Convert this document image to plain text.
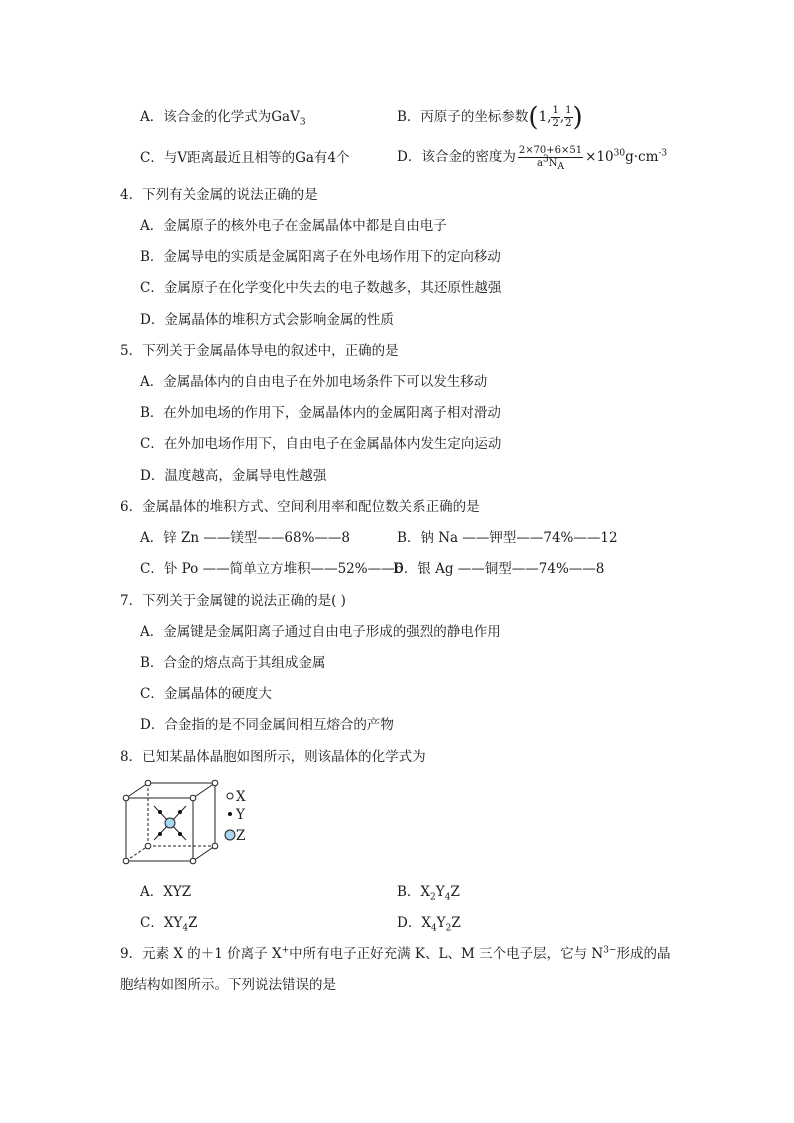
A．该合金的化学式为GaV$_3$	B．丙原子的坐标参数(1, $\frac{1}{2}$ , $\frac{1}{2}$ )
C．与V距离最近且相等的Ga有4个	D．该合金的密度为 $\frac{2\times 70+6\times 51}{a^3N_A} \times 10^{30}g\cdot cm^{-3}$
4．下列有关金属的说法正确的是
A．金属原子的核外电子在金属晶体中都是自由电子
B．金属导电的实质是金属阳离子在外电场作用下的定向移动
C．金属原子在化学变化中失去的电子数越多，其还原性越强
D．金属晶体的堆积方式会影响金属的性质
5．下列关于金属晶体导电的叙述中，正确的是
A．金属晶体内的自由电子在外加电场条件下可以发生移动
B．在外加电场的作用下，金属晶体内的金属阳离子相对滑动
C．在外加电场作用下，自由电子在金属晶体内发生定向运动
D．温度越高，金属导电性越强
6．金属晶体的堆积方式、空间利用率和配位数关系正确的是
A．锌 Zn ——镁型——68%——8	B．钠 Na ——钾型——74%——12
C．钋 Po ——简单立方堆积——52%——6
D．银 Ag ——铜型——74%——8
7．下列关于金属键的说法正确的是( )
A．金属键是金属阳离子通过自由电子形成的强烈的静电作用
B．合金的熔点高于其组成金属
C．金属晶体的硬度大
D．合金指的是不同金属间相互熔合的产物
8．已知某晶体晶胞如图所示，则该晶体的化学式为
X
Y
Z
A．XYZ	B．$X_2Y_4Z$
C．$XY_4Z$	D．$X_4Y_2Z$
9．元素 X 的＋1 价离子 X+中所有电子正好充满 K、L、M 三个电子层，它与 $N^{3-}$形成的晶
胞结构如图所示。下列说法错误的是
